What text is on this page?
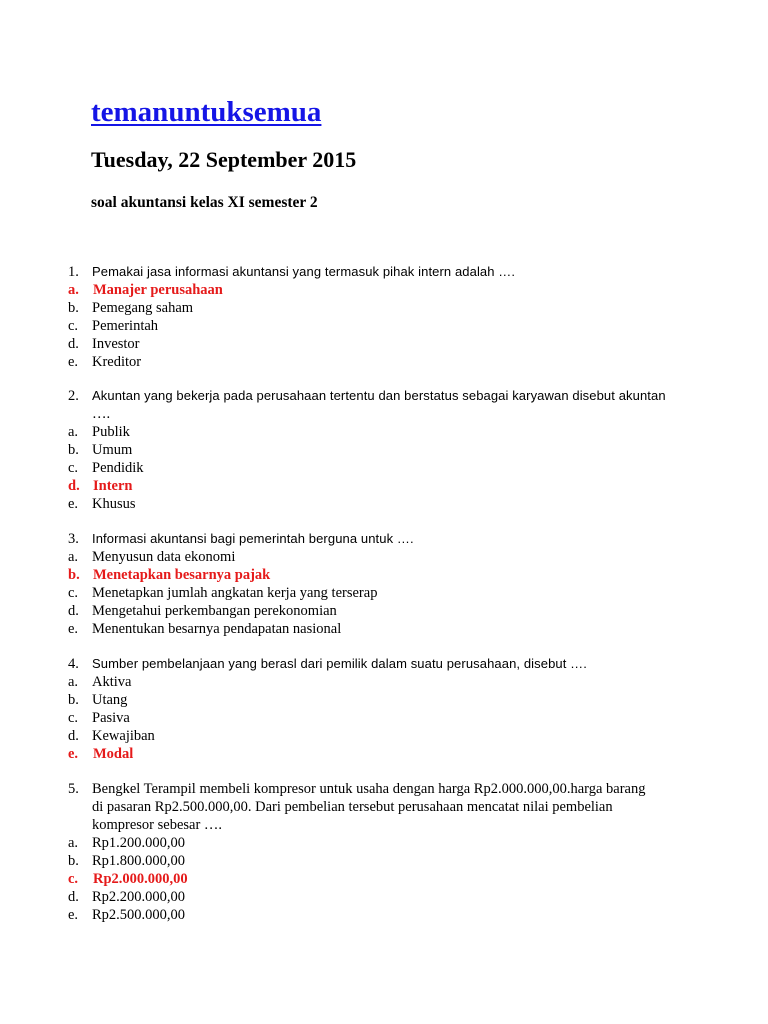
temanuntuksemua
Tuesday, 22 September 2015
soal akuntansi kelas XI semester 2
1. Pemakai jasa informasi akuntansi yang termasuk pihak intern adalah ….
a. Manajer perusahaan
b. Pemegang saham
c. Pemerintah
d. Investor
e. Kreditor
2. Akuntan yang bekerja pada perusahaan tertentu dan berstatus sebagai karyawan disebut akuntan
….
a. Publik
b. Umum
c. Pendidik
d. Intern
e. Khusus
3. Informasi akuntansi bagi pemerintah berguna untuk ….
a. Menyusun data ekonomi
b. Menetapkan besarnya pajak
c. Menetapkan jumlah angkatan kerja yang terserap
d. Mengetahui perkembangan perekonomian
e. Menentukan besarnya pendapatan nasional
4. Sumber pembelanjaan yang berasl dari pemilik dalam suatu perusahaan, disebut ….
a. Aktiva
b. Utang
c. Pasiva
d. Kewajiban
e. Modal
5. Bengkel Terampil membeli kompresor untuk usaha dengan harga Rp2.000.000,00.harga barang
di pasaran Rp2.500.000,00. Dari pembelian tersebut perusahaan mencatat nilai pembelian
kompresor sebesar ….
a. Rp1.200.000,00
b. Rp1.800.000,00
c. Rp2.000.000,00
d. Rp2.200.000,00
e. Rp2.500.000,00
